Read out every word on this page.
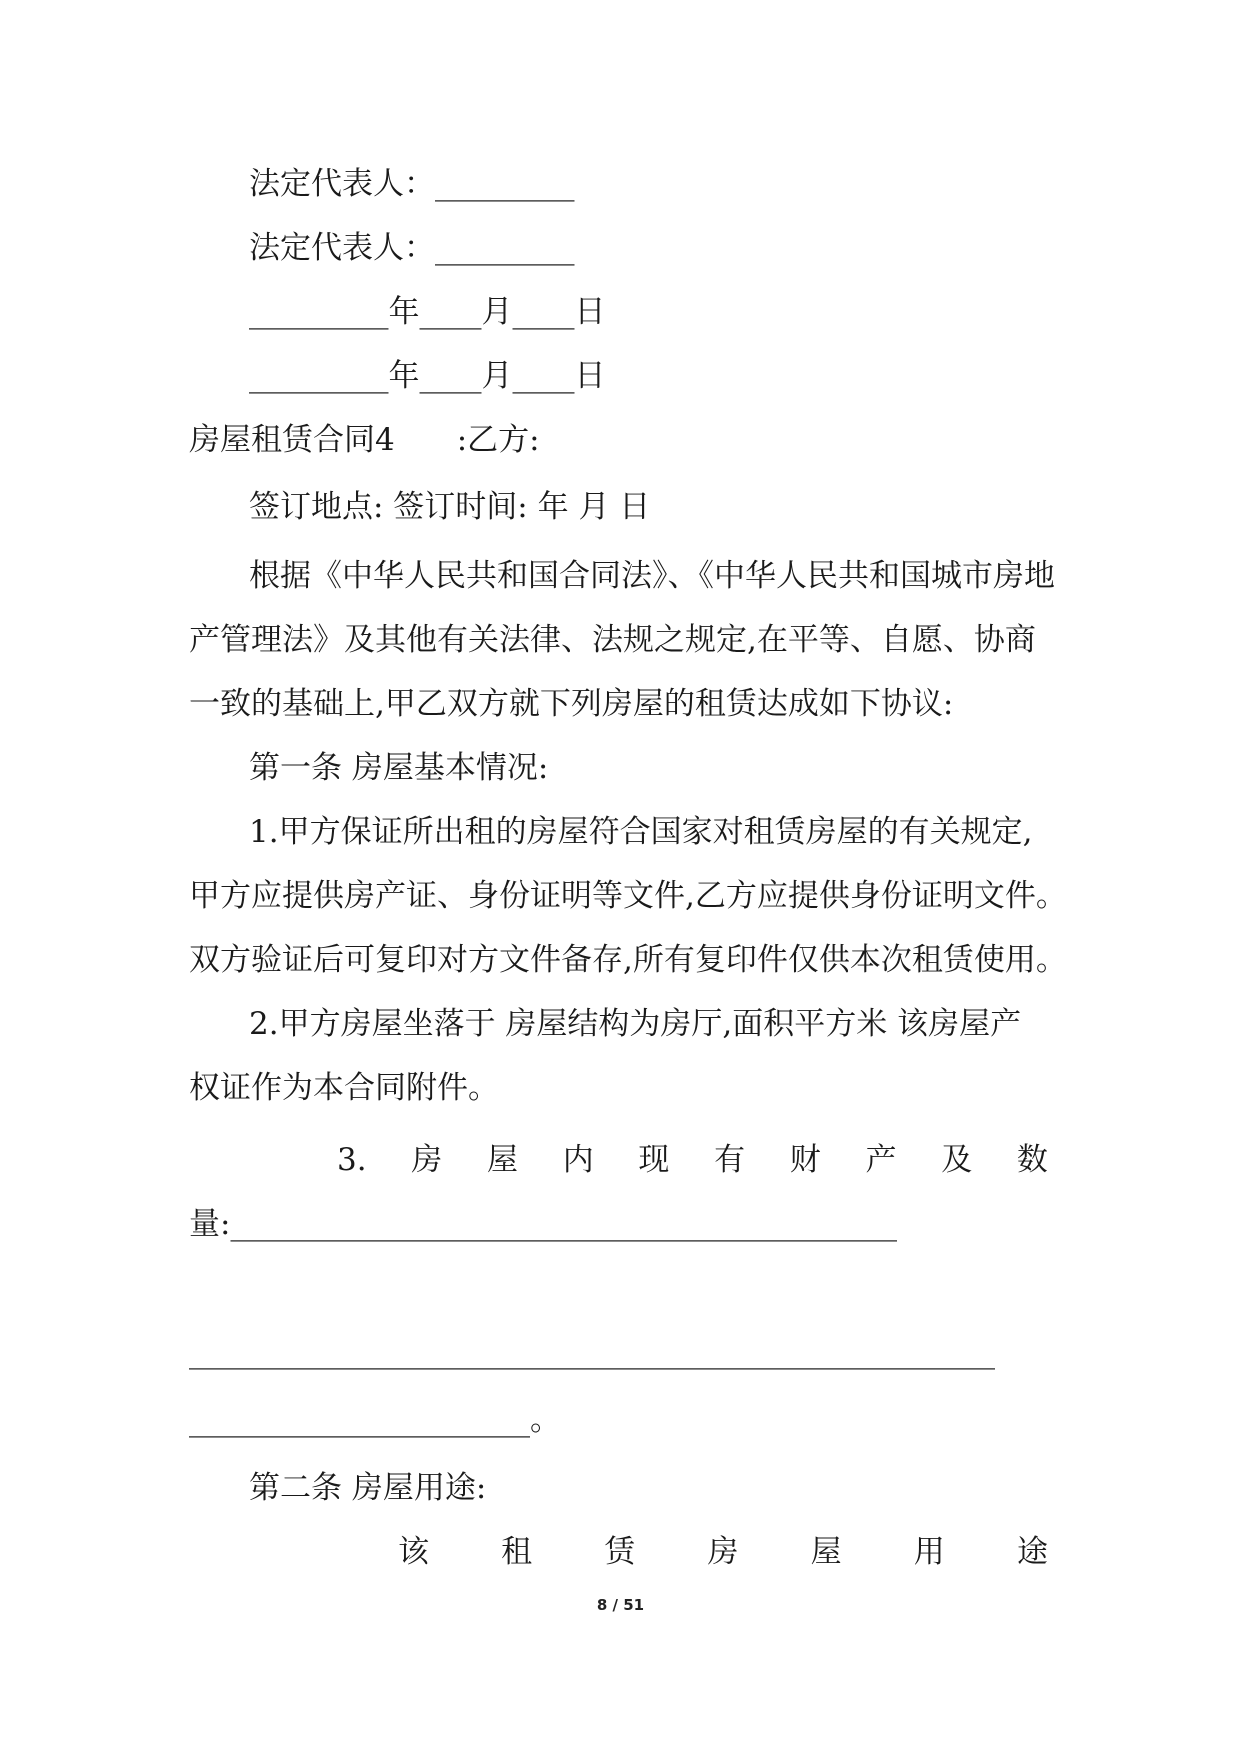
法定代表人：_________
法定代表人：_________
_________年____月____日
_________年____月____日
房屋租赁合同4　　:乙方:
签订地点: 签订时间: 年 月 日
根据《中华人民共和国合同法》、《中华人民共和国城市房地
产管理法》及其他有关法律、法规之规定,在平等、自愿、协商
一致的基础上,甲乙双方就下列房屋的租赁达成如下协议:
第一条 房屋基本情况:
1.甲方保证所出租的房屋符合国家对租赁房屋的有关规定,
甲方应提供房产证、身份证明等文件,乙方应提供身份证明文件。
双方验证后可复印对方文件备存,所有复印件仅供本次租赁使用。
2.甲方房屋坐落于 房屋结构为房厅,面积平方米 该房屋产
权证作为本合同附件。
3. 房 屋 内 现 有 财 产 及 数
量:___________________________________________
____________________________________________________
______________________。
第二条 房屋用途:
该 租 赁 房 屋 用 途
8 / 51
